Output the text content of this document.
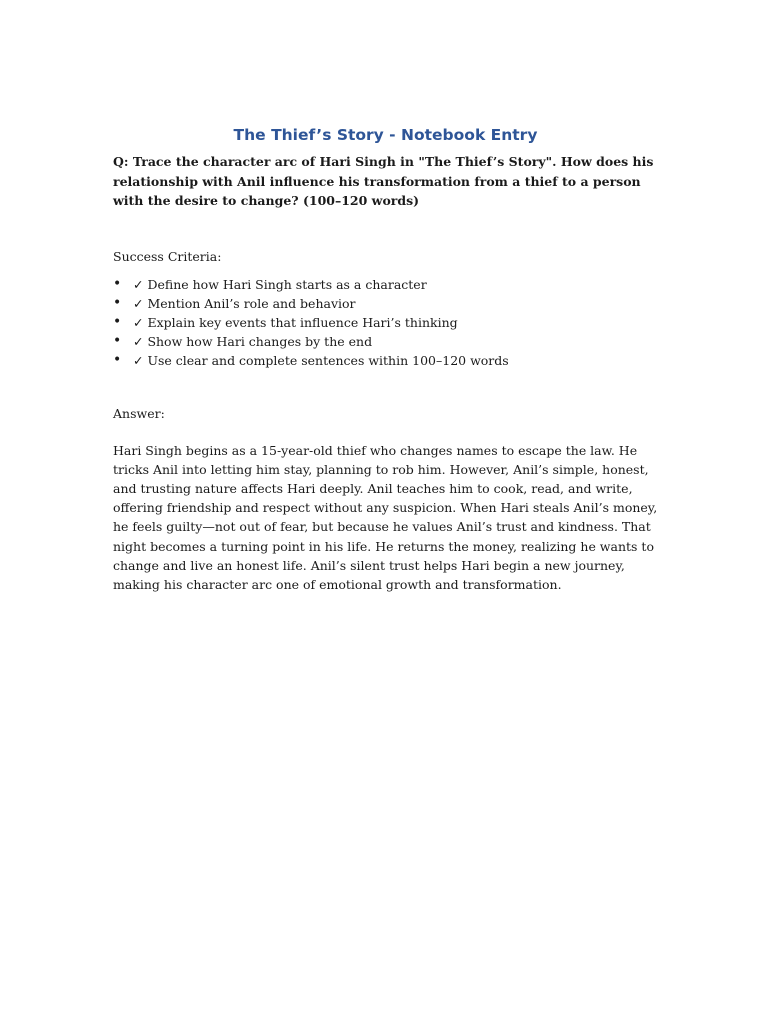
The Thief’s Story - Notebook Entry

Q: Trace the character arc of Hari Singh in "The Thief’s Story". How does his relationship with Anil influence his transformation from a thief to a person with the desire to change? (100–120 words)

Success Criteria:

• ✓ Define how Hari Singh starts as a character
• ✓ Mention Anil’s role and behavior
• ✓ Explain key events that influence Hari’s thinking
• ✓ Show how Hari changes by the end
• ✓ Use clear and complete sentences within 100–120 words

Answer:

Hari Singh begins as a 15-year-old thief who changes names to escape the law. He tricks Anil into letting him stay, planning to rob him. However, Anil’s simple, honest, and trusting nature affects Hari deeply. Anil teaches him to cook, read, and write, offering friendship and respect without any suspicion. When Hari steals Anil’s money, he feels guilty—not out of fear, but because he values Anil’s trust and kindness. That night becomes a turning point in his life. He returns the money, realizing he wants to change and live an honest life. Anil’s silent trust helps Hari begin a new journey, making his character arc one of emotional growth and transformation.
